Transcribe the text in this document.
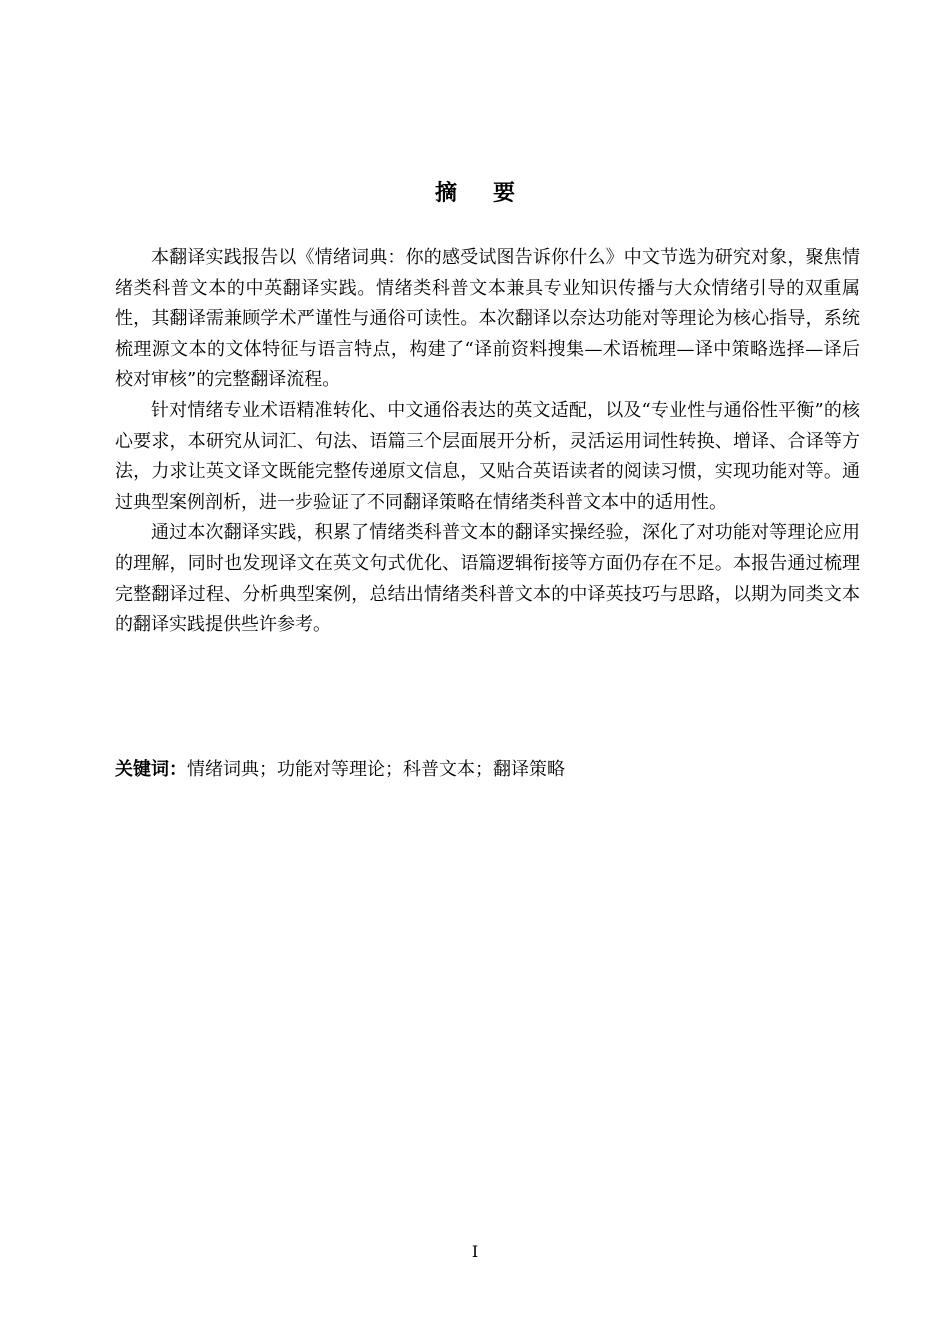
摘要

本翻译实践报告以《情绪词典：你的感受试图告诉你什么》中文节选为研究对象，聚焦情绪类科普文本的中英翻译实践。情绪类科普文本兼具专业知识传播与大众情绪引导的双重属性，其翻译需兼顾学术严谨性与通俗可读性。本次翻译以奈达功能对等理论为核心指导，系统梳理源文本的文体特征与语言特点，构建了“译前资料搜集—术语梳理—译中策略选择—译后校对审核”的完整翻译流程。

针对情绪专业术语精准转化、中文通俗表达的英文适配，以及“专业性与通俗性平衡”的核心要求，本研究从词汇、句法、语篇三个层面展开分析，灵活运用词性转换、增译、合译等方法，力求让英文译文既能完整传递原文信息，又贴合英语读者的阅读习惯，实现功能对等。通过典型案例剖析，进一步验证了不同翻译策略在情绪类科普文本中的适用性。

通过本次翻译实践，积累了情绪类科普文本的翻译实操经验，深化了对功能对等理论应用的理解，同时也发现译文在英文句式优化、语篇逻辑衔接等方面仍存在不足。本报告通过梳理完整翻译过程、分析典型案例，总结出情绪类科普文本的中译英技巧与思路，以期为同类文本的翻译实践提供些许参考。

关键词：情绪词典；功能对等理论；科普文本；翻译策略
I
